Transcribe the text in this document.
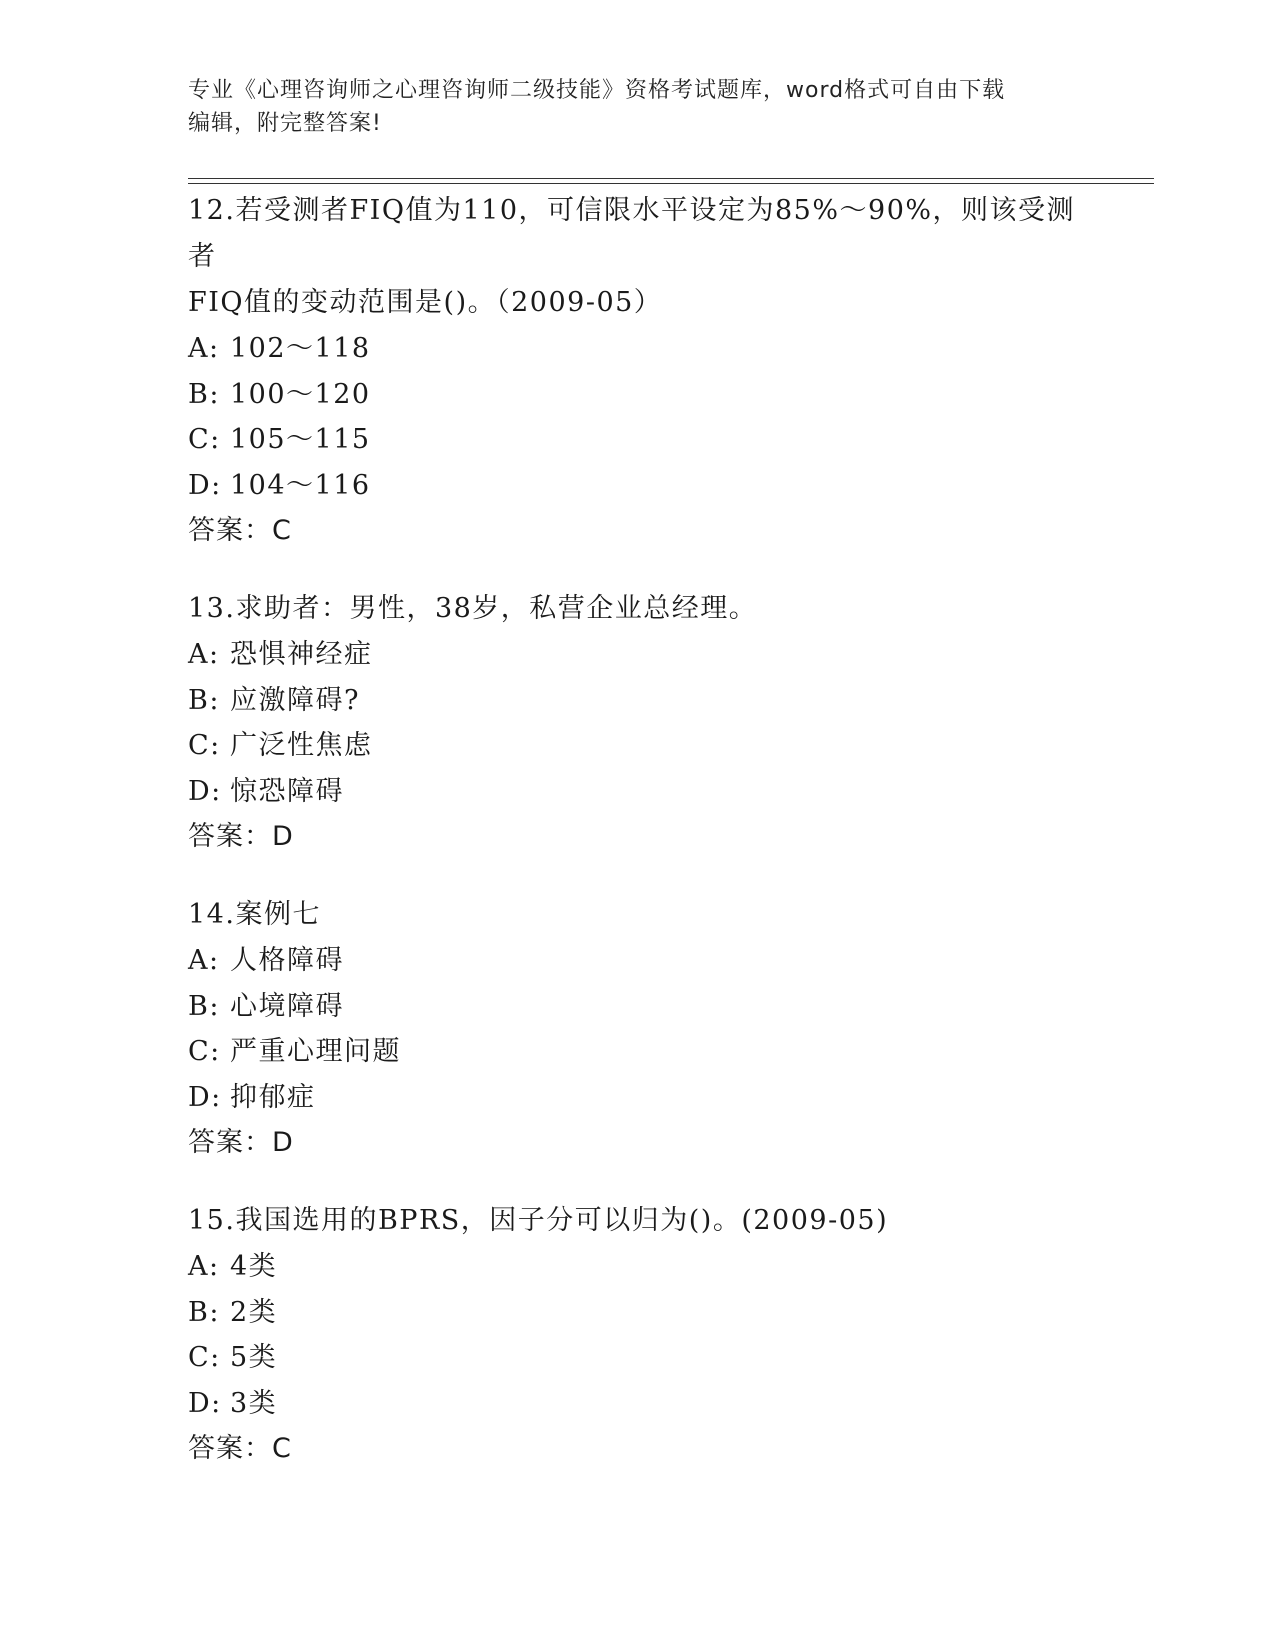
专业《心理咨询师之心理咨询师二级技能》资格考试题库，word格式可自由下载
编辑，附完整答案!
12.若受测者FIQ值为110，可信限水平设定为85%～90%，则该受测者
FIQ值的变动范围是()。（2009-05）
A: 102～118
B: 100～120
C: 105～115
D: 104～116
答案：C
13.求助者：男性，38岁，私营企业总经理。
A: 恐惧神经症
B: 应激障碍?
C: 广泛性焦虑
D: 惊恐障碍
答案：D
14.案例七
A: 人格障碍
B: 心境障碍
C: 严重心理问题
D: 抑郁症
答案：D
15.我国选用的BPRS，因子分可以归为()。(2009-05)
A: 4类
B: 2类
C: 5类
D: 3类
答案：C
